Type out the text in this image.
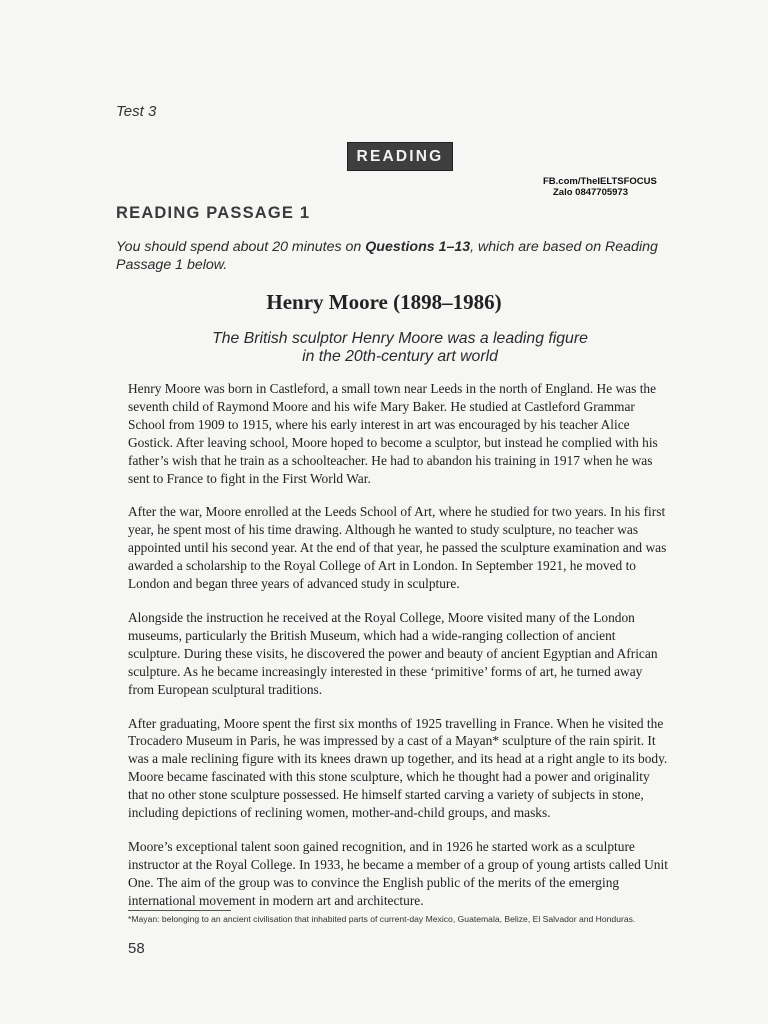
Test 3
READING
FB.com/TheIELTSFOCUS
Zalo 0847705973
READING PASSAGE 1
You should spend about 20 minutes on Questions 1–13, which are based on Reading Passage 1 below.
Henry Moore (1898–1986)
The British sculptor Henry Moore was a leading figure
in the 20th-century art world

Henry Moore was born in Castleford, a small town near Leeds in the north of England. He was the seventh child of Raymond Moore and his wife Mary Baker. He studied at Castleford Grammar School from 1909 to 1915, where his early interest in art was encouraged by his teacher Alice Gostick. After leaving school, Moore hoped to become a sculptor, but instead he complied with his father’s wish that he train as a schoolteacher. He had to abandon his training in 1917 when he was sent to France to fight in the First World War.

After the war, Moore enrolled at the Leeds School of Art, where he studied for two years. In his first year, he spent most of his time drawing. Although he wanted to study sculpture, no teacher was appointed until his second year. At the end of that year, he passed the sculpture examination and was awarded a scholarship to the Royal College of Art in London. In September 1921, he moved to London and began three years of advanced study in sculpture.

Alongside the instruction he received at the Royal College, Moore visited many of the London museums, particularly the British Museum, which had a wide-ranging collection of ancient sculpture. During these visits, he discovered the power and beauty of ancient Egyptian and African sculpture. As he became increasingly interested in these ‘primitive’ forms of art, he turned away from European sculptural traditions.

After graduating, Moore spent the first six months of 1925 travelling in France. When he visited the Trocadero Museum in Paris, he was impressed by a cast of a Mayan* sculpture of the rain spirit. It was a male reclining figure with its knees drawn up together, and its head at a right angle to its body. Moore became fascinated with this stone sculpture, which he thought had a power and originality that no other stone sculpture possessed. He himself started carving a variety of subjects in stone, including depictions of reclining women, mother-and-child groups, and masks.

Moore’s exceptional talent soon gained recognition, and in 1926 he started work as a sculpture instructor at the Royal College. In 1933, he became a member of a group of young artists called Unit One. The aim of the group was to convince the English public of the merits of the emerging international movement in modern art and architecture.

*Mayan: belonging to an ancient civilisation that inhabited parts of current-day Mexico, Guatemala, Belize, El Salvador and Honduras.
58
